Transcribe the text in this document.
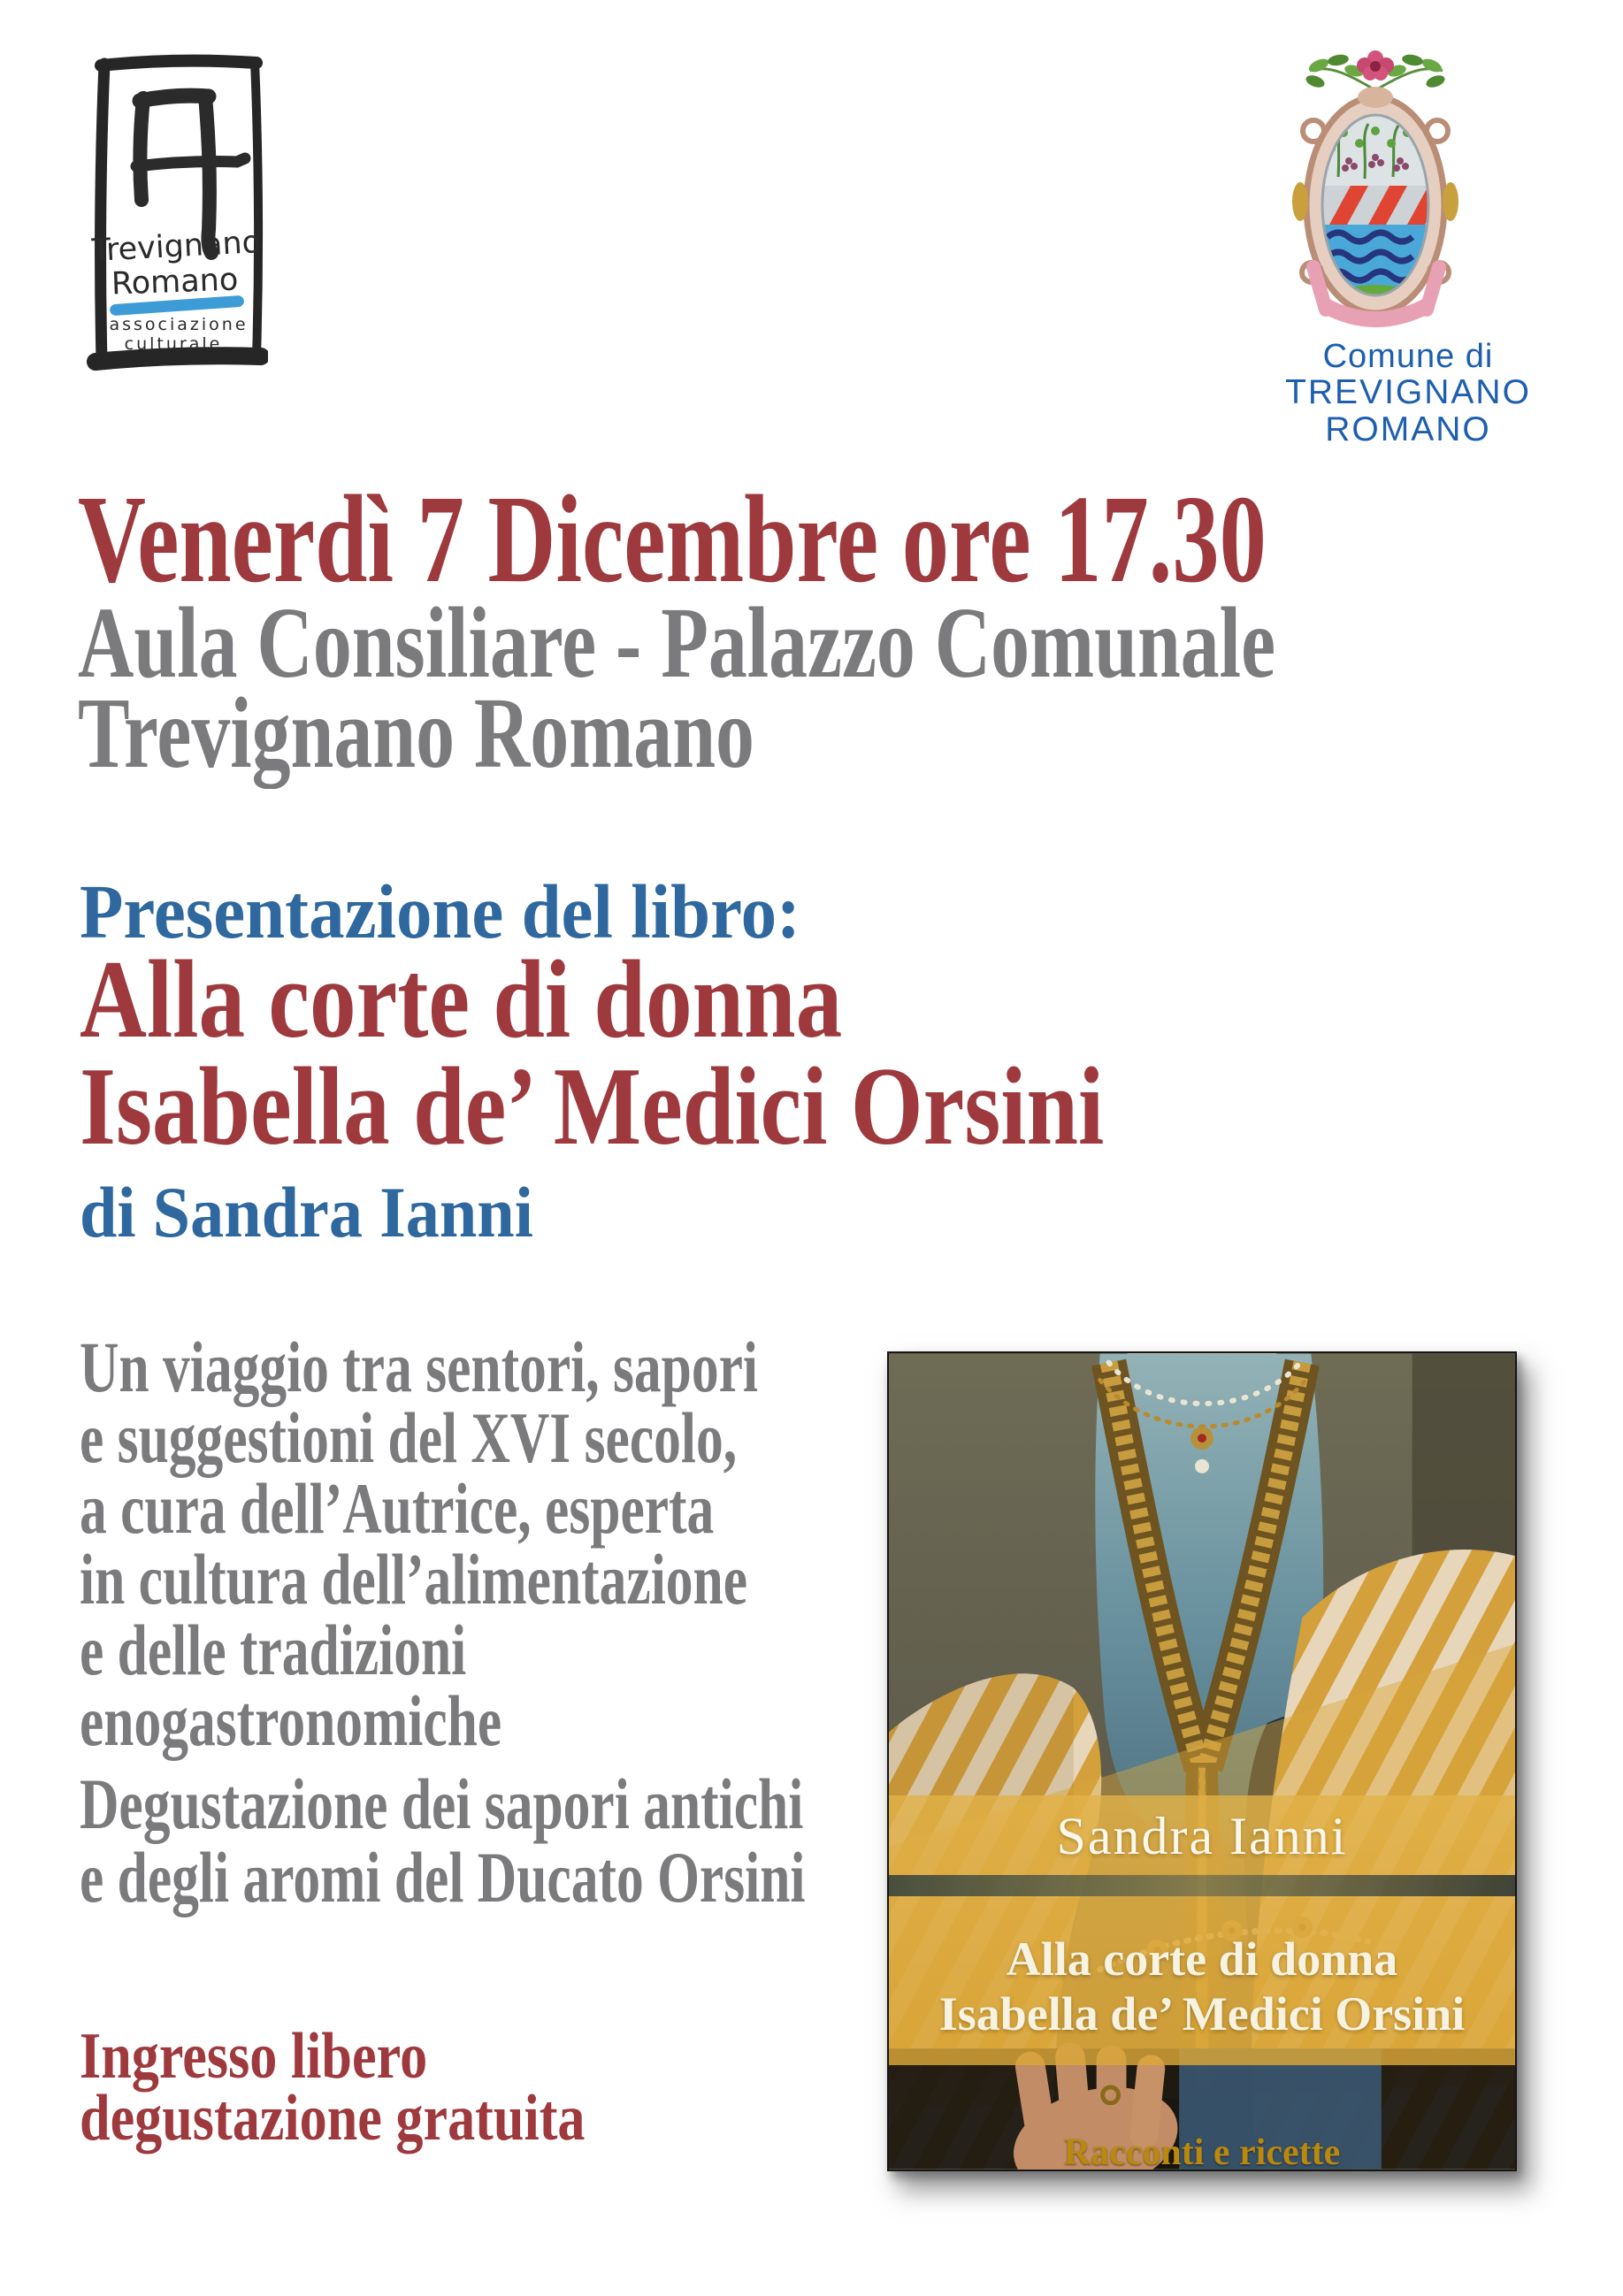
Trevignano
Romano
associazione
culturale	Comune di
TREVIGNANO ROMANO
Venerdì 7 Dicembre ore 17.30
Aula Consiliare - Palazzo Comunale
Trevignano Romano
Presentazione del libro:
Alla corte di donna
Isabella de’ Medici Orsini
di Sandra Ianni
Un viaggio tra sentori, sapori
e suggestioni del XVI secolo,
a cura dell’Autrice, esperta
in cultura dell’alimentazione
e delle tradizioni
enogastronomiche
Degustazione dei sapori antichi
e degli aromi del Ducato Orsini
Ingresso libero
degustazione gratuita
Sandra Ianni
Alla corte di donna
Isabella de’ Medici Orsini
Racconti e ricette
